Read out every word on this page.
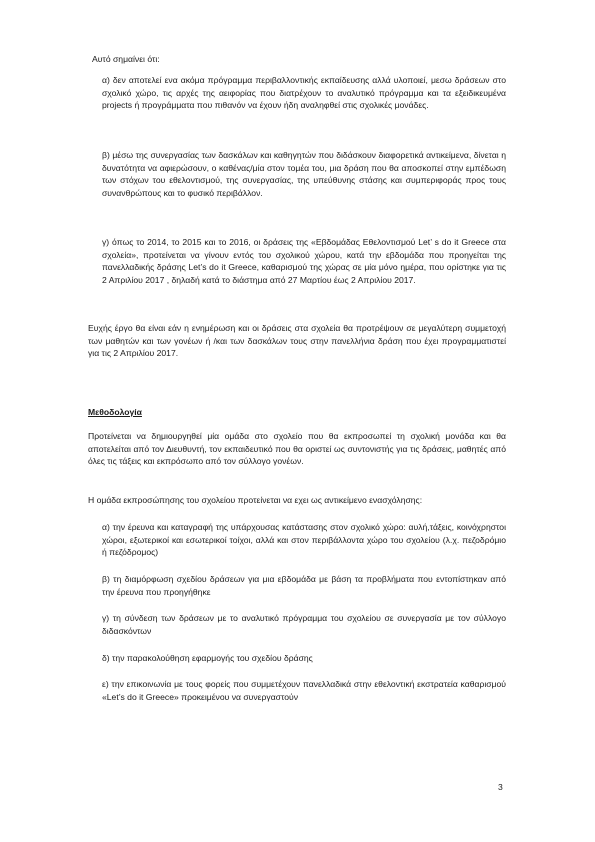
Αυτό σημαίνει ότι:

α) δεν αποτελεί ενα ακόμα πρόγραμμα περιβαλλοντικής εκπαίδευσης αλλά υλοποιεί, μεσω δράσεων στο σχολικό χώρο, τις αρχές της αειφορίας που διατρέχουν το αναλυτικό πρόγραμμα και τα εξειδικευμένα projects ή προγράμματα που πιθανόν να έχουν ήδη αναληφθεί στις σχολικές μονάδες.

β) μέσω της συνεργασίας των δασκάλων και καθηγητών που διδάσκουν διαφορετικά αντικείμενα, δίνεται η δυνατότητα να αφιερώσουν, ο καθένας/μία στον τομέα του, μια δράση που θα αποσκοπεί στην εμπέδωση των στόχων του εθελοντισμού, της συνεργασίας, της υπεύθυνης στάσης και συμπεριφοράς προς τους συνανθρώπους και το φυσικό περιβάλλον.

γ) όπως το 2014, το 2015 και το 2016, οι δράσεις της «Εβδομάδας Εθελοντισμού Let’ s do it Greece στα σχολεία», προτείνεται να γίνουν εντός του σχολικού χώρου, κατά την εβδομάδα που προηγείται της πανελλαδικής δράσης Let’s do it Greece, καθαρισμού της χώρας σε μία μόνο ημέρα, που ορίστηκε για τις 2 Απριλίου 2017 , δηλαδή κατά το διάστημα από 27 Μαρτίου έως 2 Απριλίου 2017.

Ευχής έργο θα είναι εάν η ενημέρωση και οι δράσεις στα σχολεία θα προτρέψουν σε μεγαλύτερη συμμετοχή των μαθητών και των γονέων ή /και των δασκάλων τους στην πανελλήνια δράση που έχει προγραμματιστεί για τις 2 Απριλίου 2017.

Μεθοδολογία

Προτείνεται να δημιουργηθεί μία ομάδα στο σχολείο που θα εκπροσωπεί τη σχολική μονάδα και θα αποτελείται από τον Διευθυντή, τον εκπαιδευτικό που θα οριστεί ως συντονιστής για τις δράσεις, μαθητές από όλες τις τάξεις και εκπρόσωπο από τον σύλλογο γονέων.

Η ομάδα εκπροσώπησης του σχολείου προτείνεται να εχει ως αντικείμενο ενασχόλησης:

α) την έρευνα και καταγραφή της υπάρχουσας κατάστασης στον σχολικό χώρο: αυλή,τάξεις, κοινόχρηστοι χώροι, εξωτερικοί και εσωτερικοί τοίχοι, αλλά και στον περιβάλλοντα χώρο του σχολείου (λ.χ. πεζοδρόμιο ή πεζόδρομος)

β) τη διαμόρφωση σχεδίου δράσεων για μια εβδομάδα με βάση τα προβλήματα που εντοπίστηκαν από την έρευνα που προηγήθηκε

γ) τη σύνδεση των δράσεων με το αναλυτικό πρόγραμμα του σχολείου σε συνεργασία με τον σύλλογο διδασκόντων

δ) την παρακολούθηση εφαρμογής του σχεδίου δράσης

ε) την επικοινωνία με τους φορείς που συμμετέχουν πανελλαδικά στην εθελοντική εκστρατεία καθαρισμού «Let’s do it Greece» προκειμένου να συνεργαστούν

3
